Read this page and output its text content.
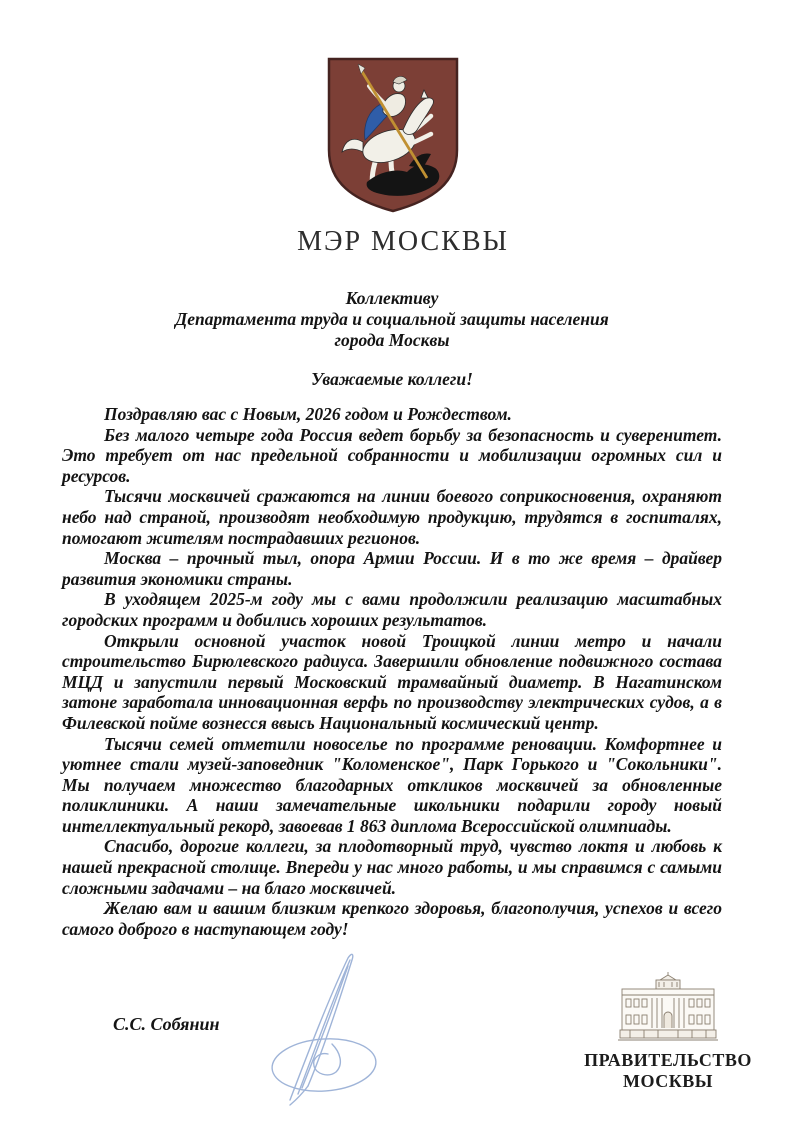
МЭР МОСКВЫ
Коллективу
Департамента труда и социальной защиты населения
города Москвы
Уважаемые коллеги!

Поздравляю вас с Новым, 2026 годом и Рождеством.

Без малого четыре года Россия ведет борьбу за безопасность и суверенитет. Это требует от нас предельной собранности и мобилизации огромных сил и ресурсов.

Тысячи москвичей сражаются на линии боевого соприкосновения, охраняют небо над страной, производят необходимую продукцию, трудятся в госпиталях, помогают жителям пострадавших регионов.

Москва – прочный тыл, опора Армии России. И в то же время – драйвер развития экономики страны.

В уходящем 2025-м году мы с вами продолжили реализацию масштабных городских программ и добились хороших результатов.

Открыли основной участок новой Троицкой линии метро и начали строительство Бирюлевского радиуса. Завершили обновление подвижного состава МЦД и запустили первый Московский трамвайный диаметр. В Нагатинском затоне заработала инновационная верфь по производству электрических судов, а в Филевской пойме вознесся ввысь Национальный космический центр.

Тысячи семей отметили новоселье по программе реновации. Комфортнее и уютнее стали музей-заповедник "Коломенское", Парк Горького и "Сокольники". Мы получаем множество благодарных откликов москвичей за обновленные поликлиники. А наши замечательные школьники подарили городу новый интеллектуальный рекорд, завоевав 1 863 диплома Всероссийской олимпиады.

Спасибо, дорогие коллеги, за плодотворный труд, чувство локтя и любовь к нашей прекрасной столице. Впереди у нас много работы, и мы справимся с самыми сложными задачами – на благо москвичей.

Желаю вам и вашим близким крепкого здоровья, благополучия, успехов и всего самого доброго в наступающем году!

С.С. Собянин
ПРАВИТЕЛЬСТВО
МОСКВЫ
